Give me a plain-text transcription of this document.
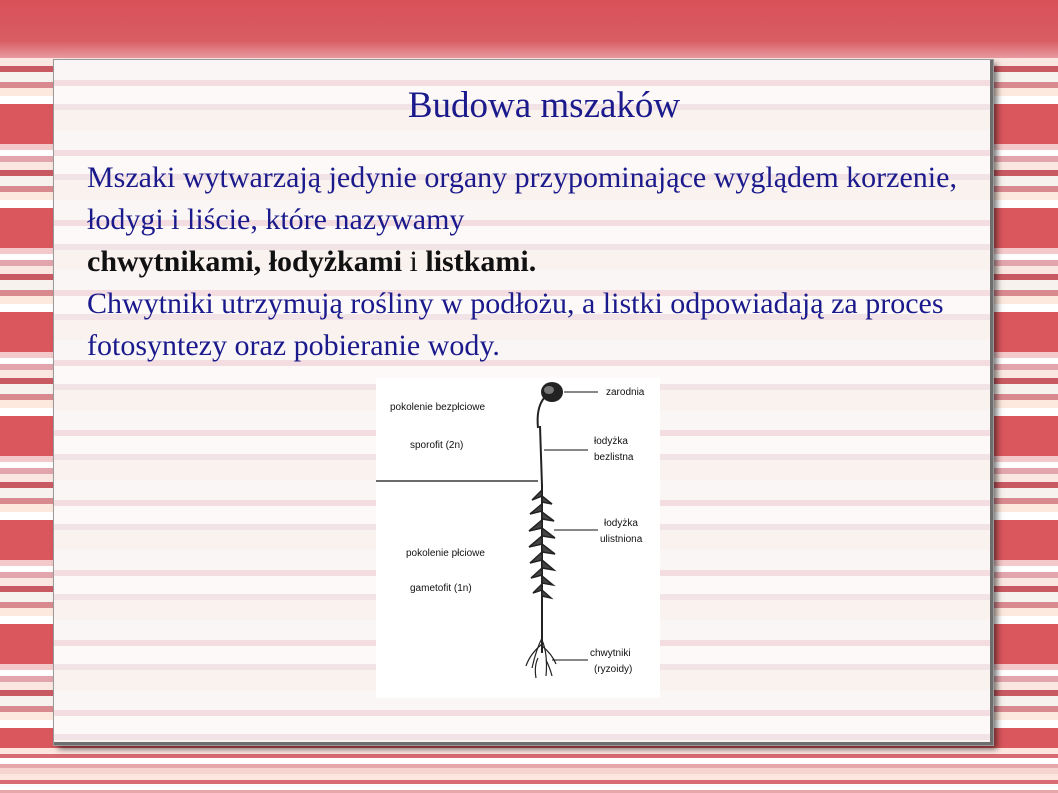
Budowa mszaków
Mszaki wytwarzają jedynie organy przypominające wyglądem korzenie, łodygi i liście, które nazywamy
chwytnikami, łodyżkami i listkami.
Chwytniki utrzymują rośliny w podłożu, a listki odpowiadają za proces fotosyntezy oraz pobieranie wody.
pokolenie bezpłciowe
sporofit (2n)
pokolenie płciowe
gametofit (1n)
zarodnia
łodyżka
bezlistna
łodyżka
ulistniona
chwytniki
(ryzoidy)
